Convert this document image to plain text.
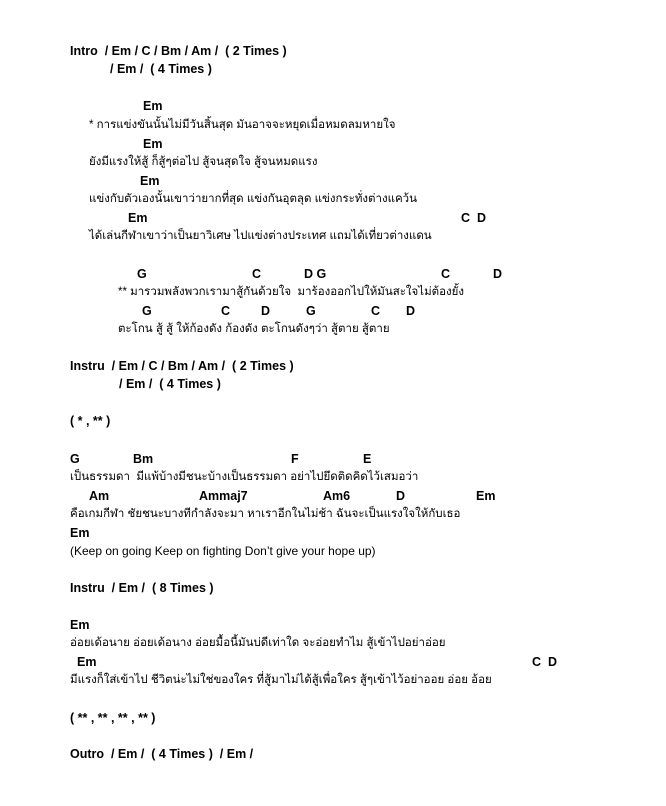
Intro  / Em / C / Bm / Am /  ( 2 Times )
/ Em /  ( 4 Times )
Em
* การแข่งขันนั้นไม่มีวันสิ้นสุด มันอาจจะหยุดเมื่อหมดลมหายใจ
Em
ยังมีแรงให้สู้ ก็สู้ๆต่อไป สู้จนสุดใจ สู้จนหมดแรง
Em
แข่งกับตัวเองนั้นเขาว่ายากที่สุด แข่งกันอุตลุด แข่งกระทั่งต่างแคว้น
Em	C  D
ได้เล่นกีฬาเขาว่าเป็นยาวิเศษ ไปแข่งต่างประเทศ แถมได้เที่ยวต่างแดน
G	C	D G	C	D
** มารวมพลังพวกเรามาสู้กันด้วยใจ  มาร้องออกไปให้มันสะใจไม่ต้องยั้ง
G	C D	G	C D
ตะโกน สู้ สู้ ให้ก้องดัง ก้องดัง ตะโกนดังๆว่า สู้ตาย สู้ตาย
Instru  / Em / C / Bm / Am /  ( 2 Times )
/ Em /  ( 4 Times )
( * , ** )
G	Bm	F	E
เป็นธรรมดา  มีแพ้บ้างมีชนะบ้างเป็นธรรมดา อย่าไปยึดติดคิดไว้เสมอว่า
Am	Ammaj7	Am6	D	Em
คือเกมกีฬา ชัยชนะบางทีกำลังจะมา หาเราอีกในไม่ช้า ฉันจะเป็นแรงใจให้กับเธอ
Em
(Keep on going Keep on fighting Don’t give your hope up)
Instru  / Em /  ( 8 Times )
Em
อ่อยเด้อนาย อ่อยเด้อนาง อ่อยมื้อนี้มันบ่ดีเท่าใด จะอ่อยทำไม สู้เข้าไปอย่าอ่อย
Em	C  D
มีแรงก็ใส่เข้าไป ชีวิตน่ะไม่ใช่ของใคร ที่สู้มาไม่ได้สู้เพื่อใคร สู้ๆเข้าไว้อย่าออย อ่อย อ้อย
( ** , ** , ** , ** )
Outro  / Em /  ( 4 Times )  / Em /
